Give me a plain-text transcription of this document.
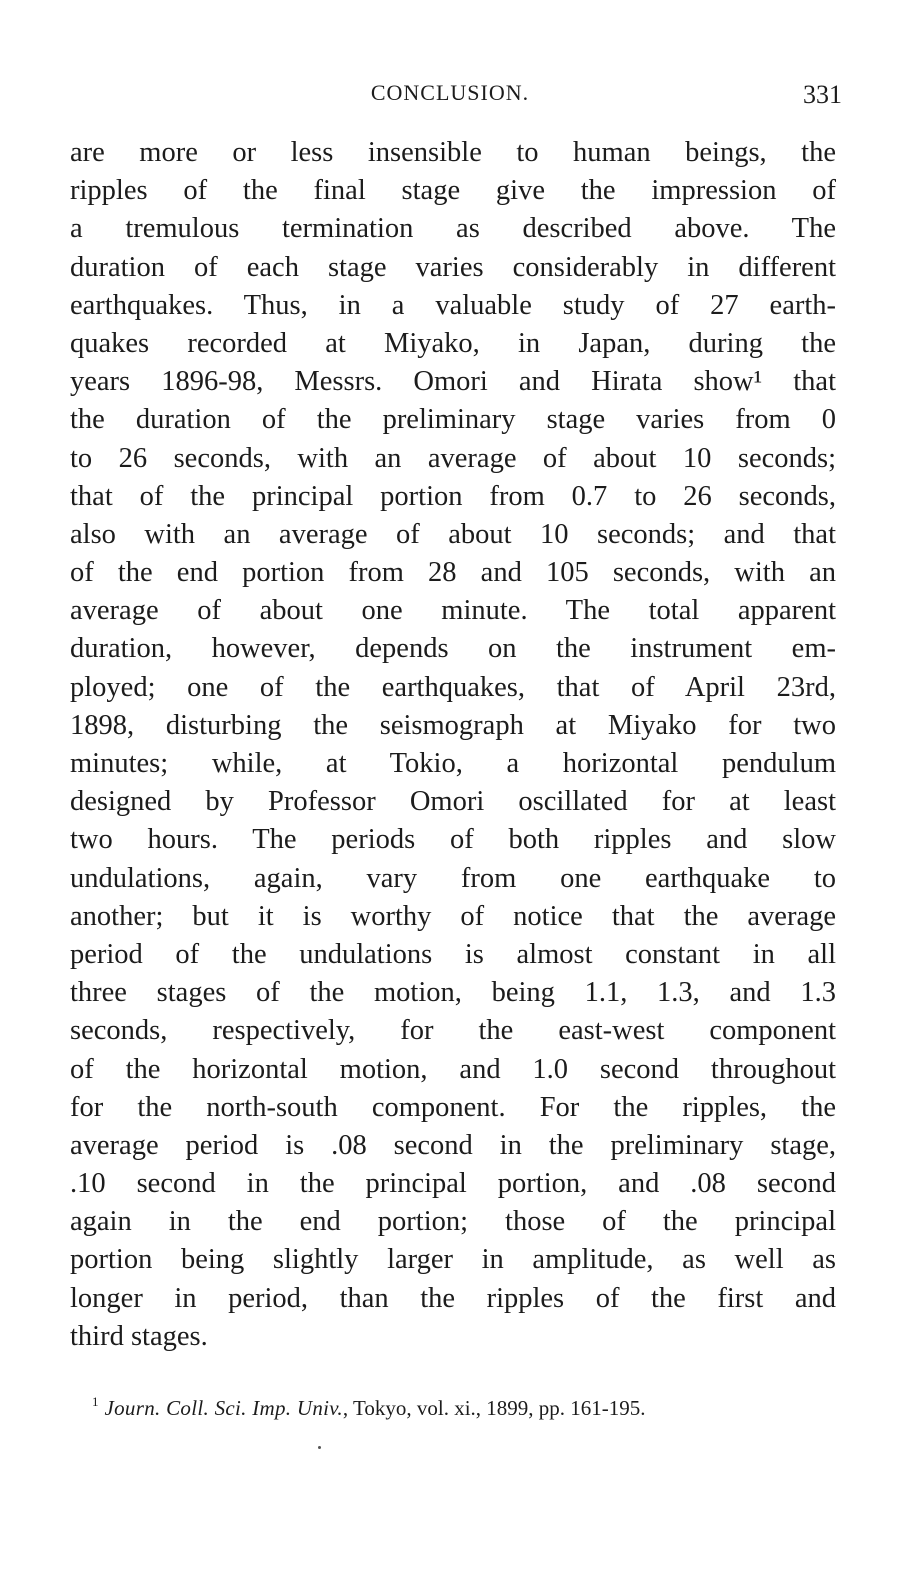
CONCLUSION.	331
are more or less insensible to human beings, the
ripples of the final stage give the impression of
a tremulous termination as described above. The
duration of each stage varies considerably in different
earthquakes. Thus, in a valuable study of 27 earth-
quakes recorded at Miyako, in Japan, during the
years 1896-98, Messrs. Omori and Hirata show¹ that
the duration of the preliminary stage varies from 0
to 26 seconds, with an average of about 10 seconds;
that of the principal portion from 0.7 to 26 seconds,
also with an average of about 10 seconds; and that
of the end portion from 28 and 105 seconds, with an
average of about one minute. The total apparent
duration, however, depends on the instrument em-
ployed; one of the earthquakes, that of April 23rd,
1898, disturbing the seismograph at Miyako for two
minutes; while, at Tokio, a horizontal pendulum
designed by Professor Omori oscillated for at least
two hours. The periods of both ripples and slow
undulations, again, vary from one earthquake to
another; but it is worthy of notice that the average
period of the undulations is almost constant in all
three stages of the motion, being 1.1, 1.3, and 1.3
seconds, respectively, for the east-west component
of the horizontal motion, and 1.0 second throughout
for the north-south component. For the ripples, the
average period is .08 second in the preliminary stage,
.10 second in the principal portion, and .08 second
again in the end portion; those of the principal
portion being slightly larger in amplitude, as well as
longer in period, than the ripples of the first and
third stages.
$^1$ Journ. Coll. Sci. Imp. Univ., Tokyo, vol. xi., 1899, pp. 161-195.
